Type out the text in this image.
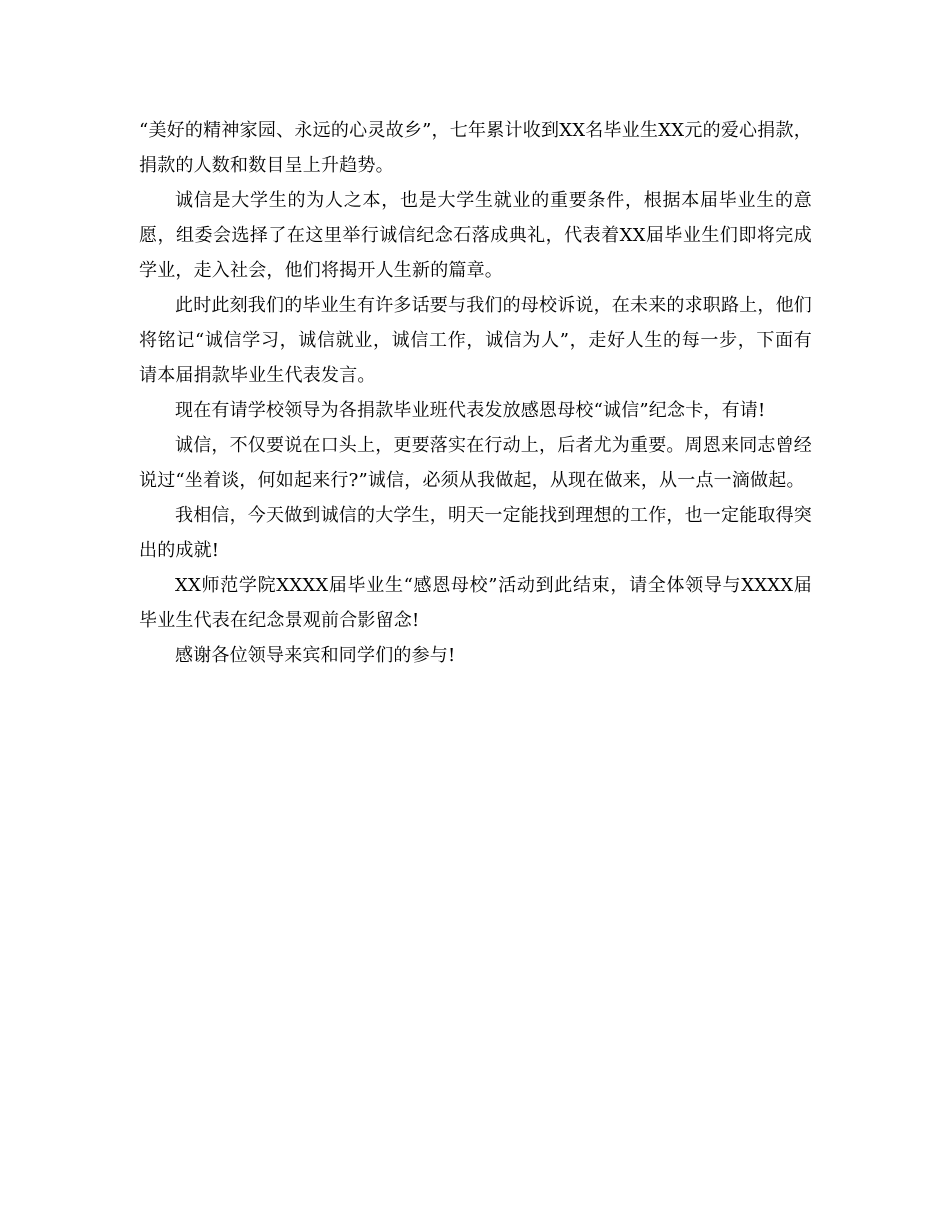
“美好的精神家园、永远的心灵故乡”，七年累计收到XX名毕业生XX元的爱心捐款，捐款的人数和数目呈上升趋势。

诚信是大学生的为人之本，也是大学生就业的重要条件，根据本届毕业生的意愿，组委会选择了在这里举行诚信纪念石落成典礼，代表着XX届毕业生们即将完成学业，走入社会，他们将揭开人生新的篇章。

此时此刻我们的毕业生有许多话要与我们的母校诉说，在未来的求职路上，他们将铭记“诚信学习，诚信就业，诚信工作，诚信为人”，走好人生的每一步，下面有请本届捐款毕业生代表发言。

现在有请学校领导为各捐款毕业班代表发放感恩母校“诚信”纪念卡，有请!

诚信，不仅要说在口头上，更要落实在行动上，后者尤为重要。周恩来同志曾经说过“坐着谈，何如起来行?”诚信，必须从我做起，从现在做来，从一点一滴做起。

我相信，今天做到诚信的大学生，明天一定能找到理想的工作，也一定能取得突出的成就!

XX师范学院XXXX届毕业生“感恩母校”活动到此结束，请全体领导与XXXX届毕业生代表在纪念景观前合影留念!

感谢各位领导来宾和同学们的参与!
